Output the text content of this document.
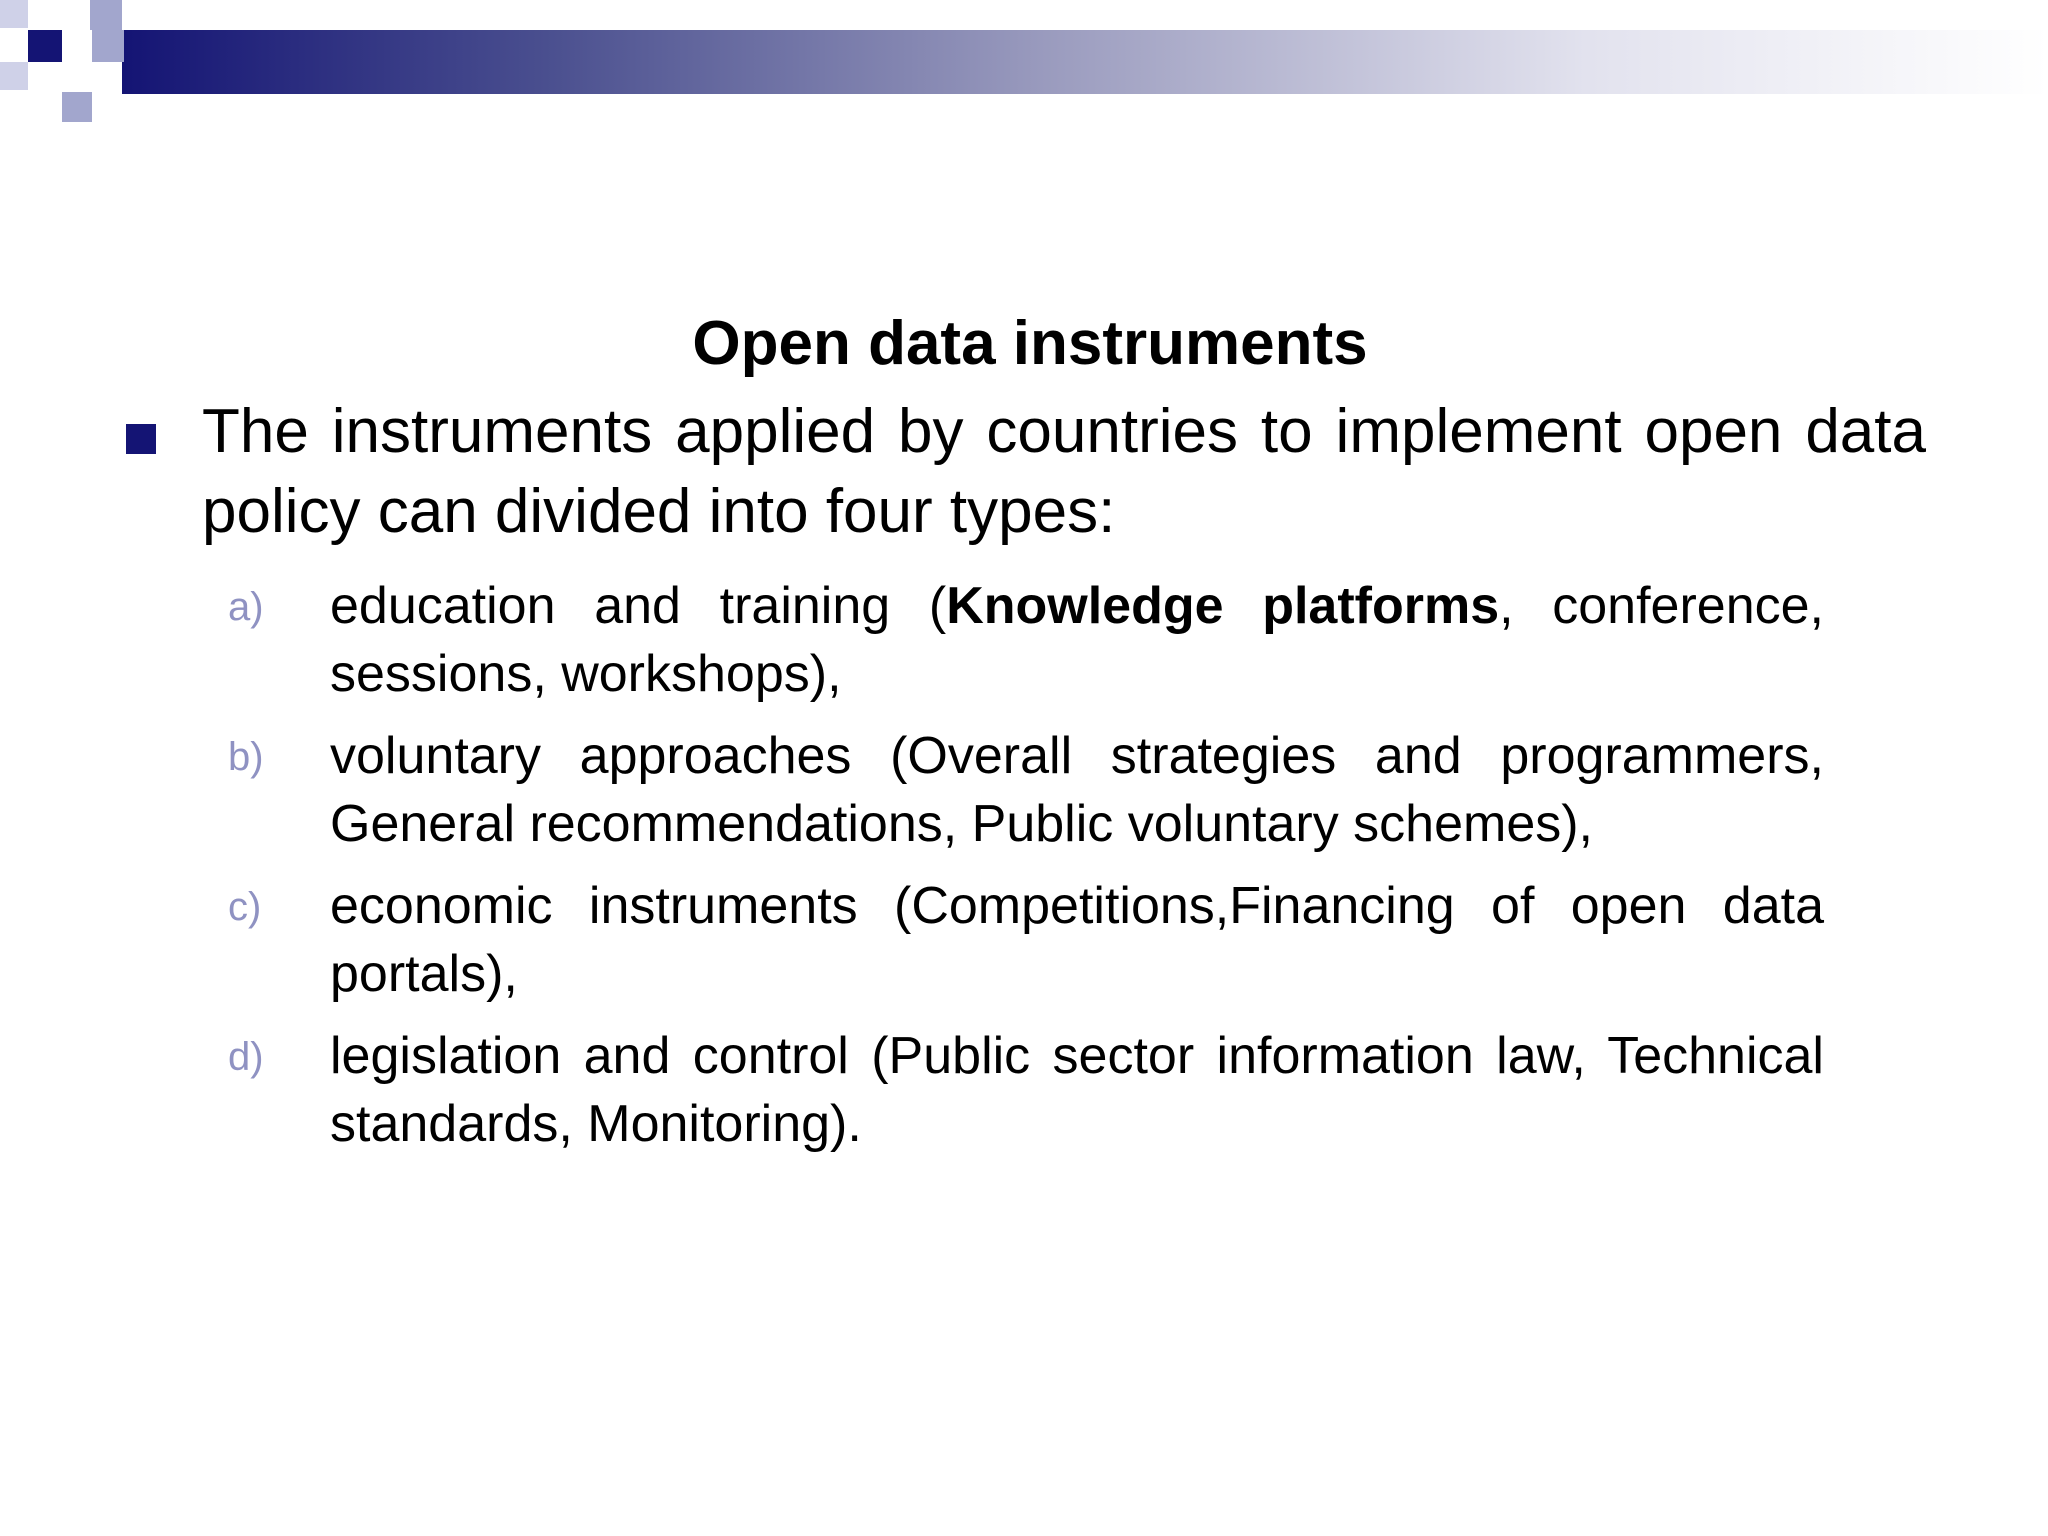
Open data instruments
The instruments applied by countries to implement open data policy can divided into four types:
a)	education and training (Knowledge platforms, conference, sessions, workshops),
b)	voluntary approaches (Overall strategies and programmers, General recommendations, Public voluntary schemes),
c)	economic instruments (Competitions,Financing of open data portals),
d)	legislation and control (Public sector information law, Technical standards, Monitoring).
